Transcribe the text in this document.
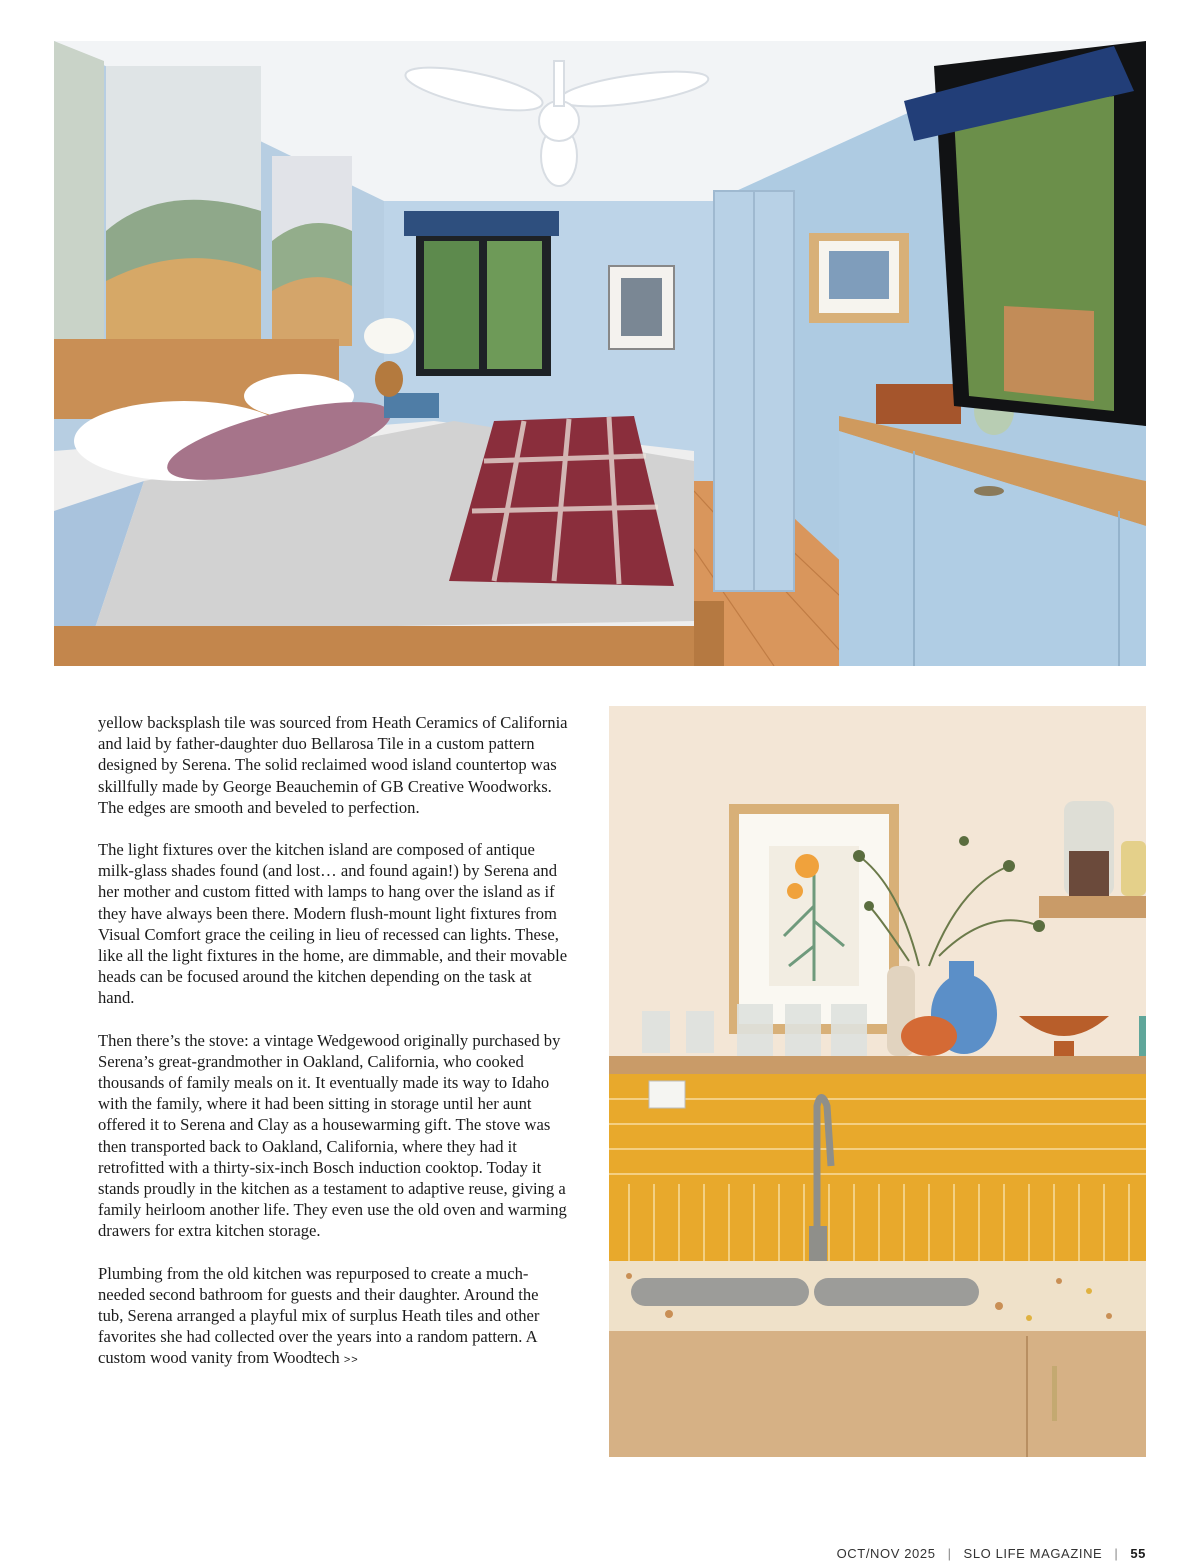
yellow backsplash tile was sourced from Heath Ceramics of California and laid by father-daughter duo Bellarosa Tile in a custom pattern designed by Serena. The solid reclaimed wood island countertop was skillfully made by George Beauchemin of GB Creative Woodworks. The edges are smooth and beveled to perfection.

The light fixtures over the kitchen island are composed of antique milk-glass shades found (and lost… and found again!) by Serena and her mother and custom fitted with lamps to hang over the island as if they have always been there. Modern flush-mount light fixtures from Visual Comfort grace the ceiling in lieu of recessed can lights. These, like all the light fixtures in the home, are dimmable, and their movable heads can be focused around the kitchen depending on the task at hand.

Then there’s the stove: a vintage Wedgewood originally purchased by Serena’s great-grandmother in Oakland, California, who cooked thousands of family meals on it. It eventually made its way to Idaho with the family, where it had been sitting in storage until her aunt offered it to Serena and Clay as a housewarming gift. The stove was then transported back to Oakland, California, where they had it retrofitted with a thirty-six-inch Bosch induction cooktop. Today it stands proudly in the kitchen as a testament to adaptive reuse, giving a family heirloom another life. They even use the old oven and warming drawers for extra kitchen storage.

Plumbing from the old kitchen was repurposed to create a much-needed second bathroom for guests and their daughter. Around the tub, Serena arranged a playful mix of surplus Heath tiles and other favorites she had collected over the years into a random pattern. A custom wood vanity from Woodtech >>

OCT/NOV 2025 | SLO LIFE MAGAZINE | 55
